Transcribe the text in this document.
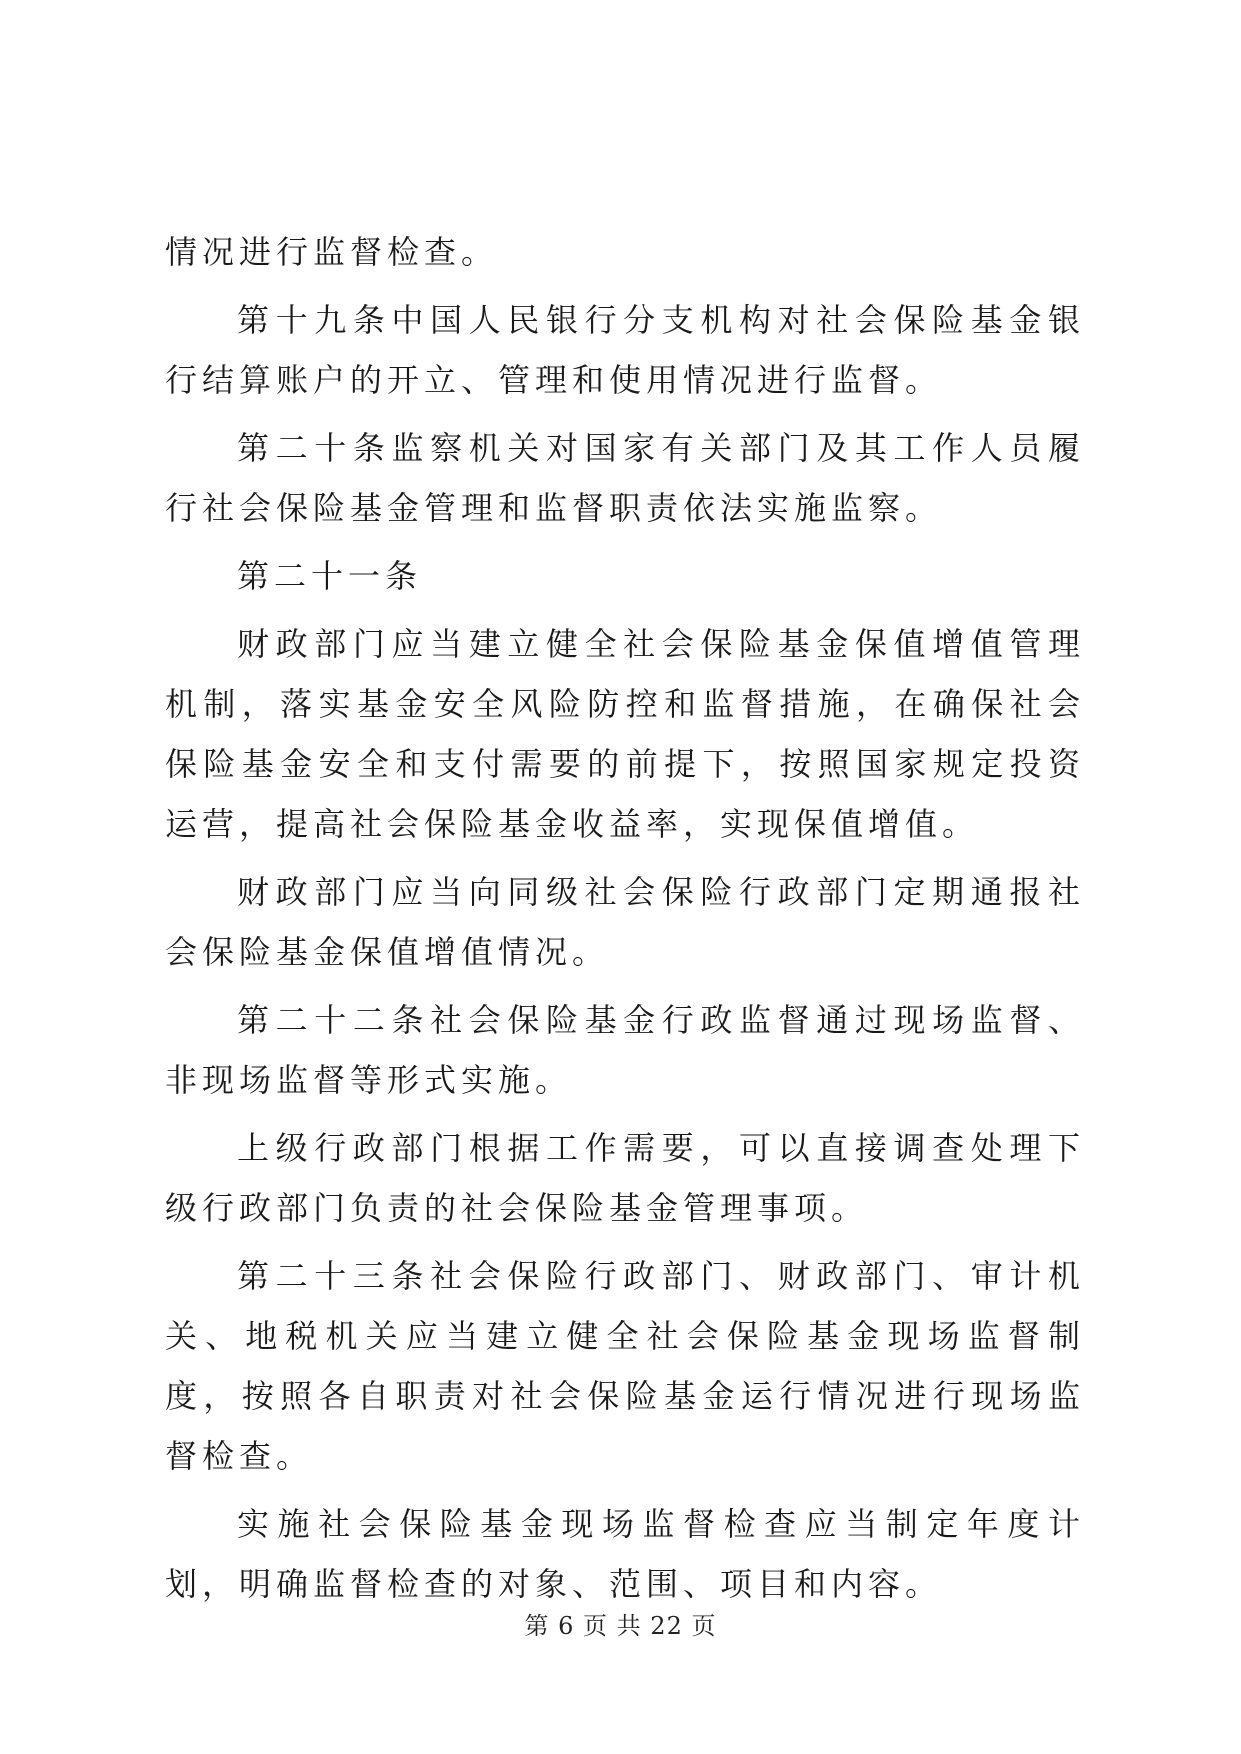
情况进行监督检查。

第十九条中国人民银行分支机构对社会保险基金银行结算账户的开立、管理和使用情况进行监督。

第二十条监察机关对国家有关部门及其工作人员履行社会保险基金管理和监督职责依法实施监察。

第二十一条

财政部门应当建立健全社会保险基金保值增值管理机制，落实基金安全风险防控和监督措施，在确保社会保险基金安全和支付需要的前提下，按照国家规定投资运营，提高社会保险基金收益率，实现保值增值。

财政部门应当向同级社会保险行政部门定期通报社会保险基金保值增值情况。

第二十二条社会保险基金行政监督通过现场监督、非现场监督等形式实施。

上级行政部门根据工作需要，可以直接调查处理下级行政部门负责的社会保险基金管理事项。

第二十三条社会保险行政部门、财政部门、审计机关、地税机关应当建立健全社会保险基金现场监督制度，按照各自职责对社会保险基金运行情况进行现场监督检查。

实施社会保险基金现场监督检查应当制定年度计划，明确监督检查的对象、范围、项目和内容。

第 6 页 共 22 页
